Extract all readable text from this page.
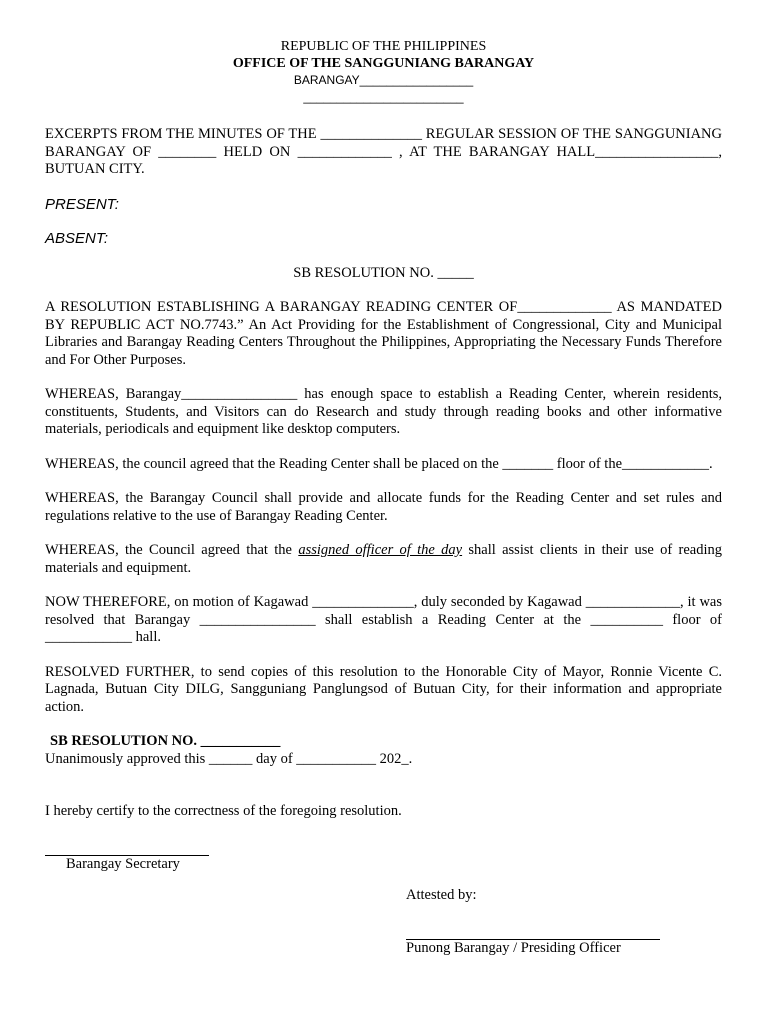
REPUBLIC OF THE PHILIPPINES
OFFICE OF THE SANGGUNIANG BARANGAY
BARANGAY_________________
________________________

EXCERPTS FROM THE MINUTES OF THE ______________ REGULAR SESSION OF THE SANGGUNIANG BARANGAY OF ________ HELD ON _____________ , AT THE BARANGAY HALL_________________, BUTUAN CITY.

PRESENT:

ABSENT:

SB RESOLUTION NO. _____

A RESOLUTION ESTABLISHING A BARANGAY READING CENTER OF_____________ AS MANDATED BY REPUBLIC ACT NO.7743.” An Act Providing for the Establishment of Congressional, City and Municipal Libraries and Barangay Reading Centers Throughout the Philippines, Appropriating the Necessary Funds Therefore and For Other Purposes.

WHEREAS, Barangay________________ has enough space to establish a Reading Center, wherein residents, constituents, Students, and Visitors can do Research and study through reading books and other informative materials, periodicals and equipment like desktop computers.

WHEREAS, the council agreed that the Reading Center shall be placed on the _______ floor of the____________.

WHEREAS, the Barangay Council shall provide and allocate funds for the Reading Center and set rules and regulations relative to the use of Barangay Reading Center.

WHEREAS, the Council agreed that the assigned officer of the day shall assist clients in their use of reading materials and equipment.

NOW THEREFORE, on motion of Kagawad ______________, duly seconded by Kagawad _____________, it was resolved that Barangay ________________ shall establish a Reading Center at the __________ floor of ____________ hall.

RESOLVED FURTHER, to send copies of this resolution to the Honorable City of Mayor, Ronnie Vicente C. Lagnada, Butuan City DILG, Sangguniang Panglungsod of Butuan City, for their information and appropriate action.

SB RESOLUTION NO. ___________

Unanimously approved this ______ day of ___________ 202_.

I hereby certify to the correctness of the foregoing resolution.

Barangay Secretary

Attested by:

Punong Barangay / Presiding Officer
